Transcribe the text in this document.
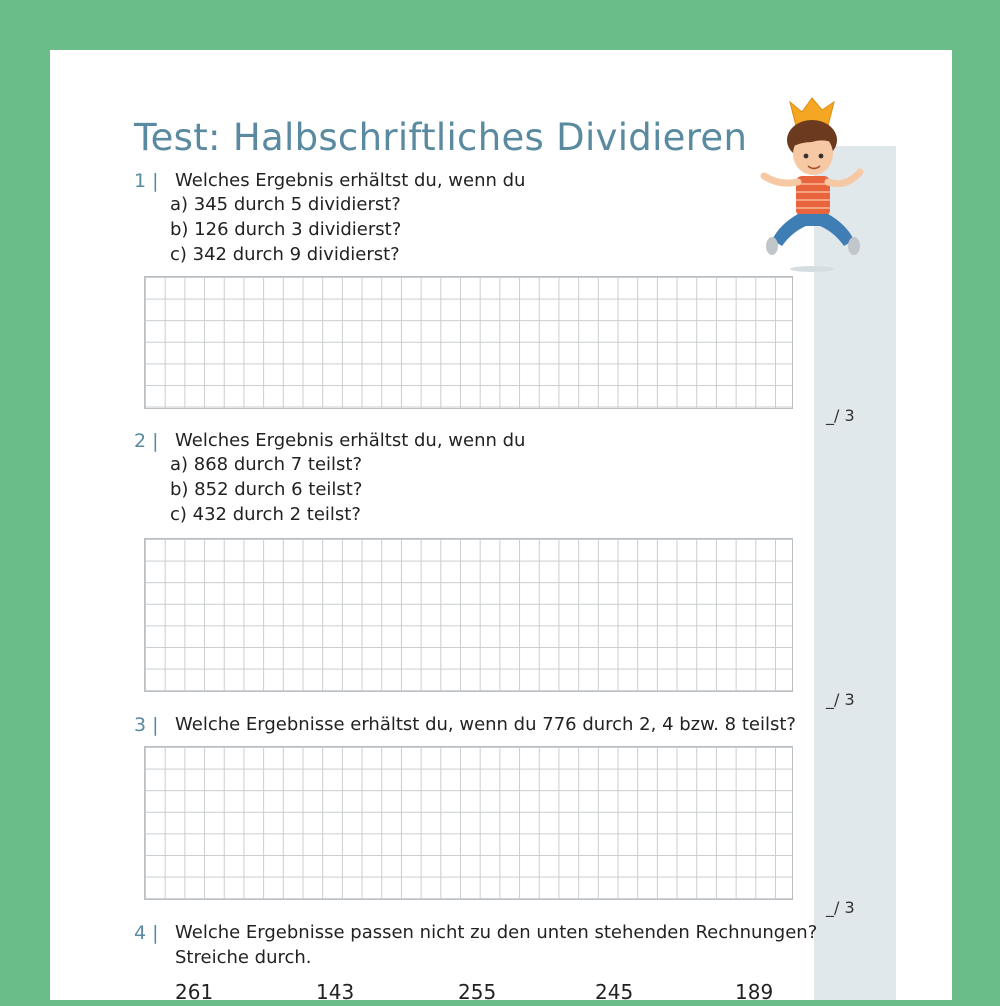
Test: Halbschriftliches Dividieren
1 | Welches Ergebnis erhältst du, wenn du
a) 345 durch 5 dividierst?
b) 126 durch 3 dividierst?
c) 342 durch 9 dividierst?
_/ 3
2 | Welches Ergebnis erhältst du, wenn du
a) 868 durch 7 teilst?
b) 852 durch 6 teilst?
c) 432 durch 2 teilst?
_/ 3
3 | Welche Ergebnisse erhältst du, wenn du 776 durch 2, 4 bzw. 8 teilst?
_/ 3
4 | Welche Ergebnisse passen nicht zu den unten stehenden Rechnungen?
Streiche durch.
261	143	255	245	189
